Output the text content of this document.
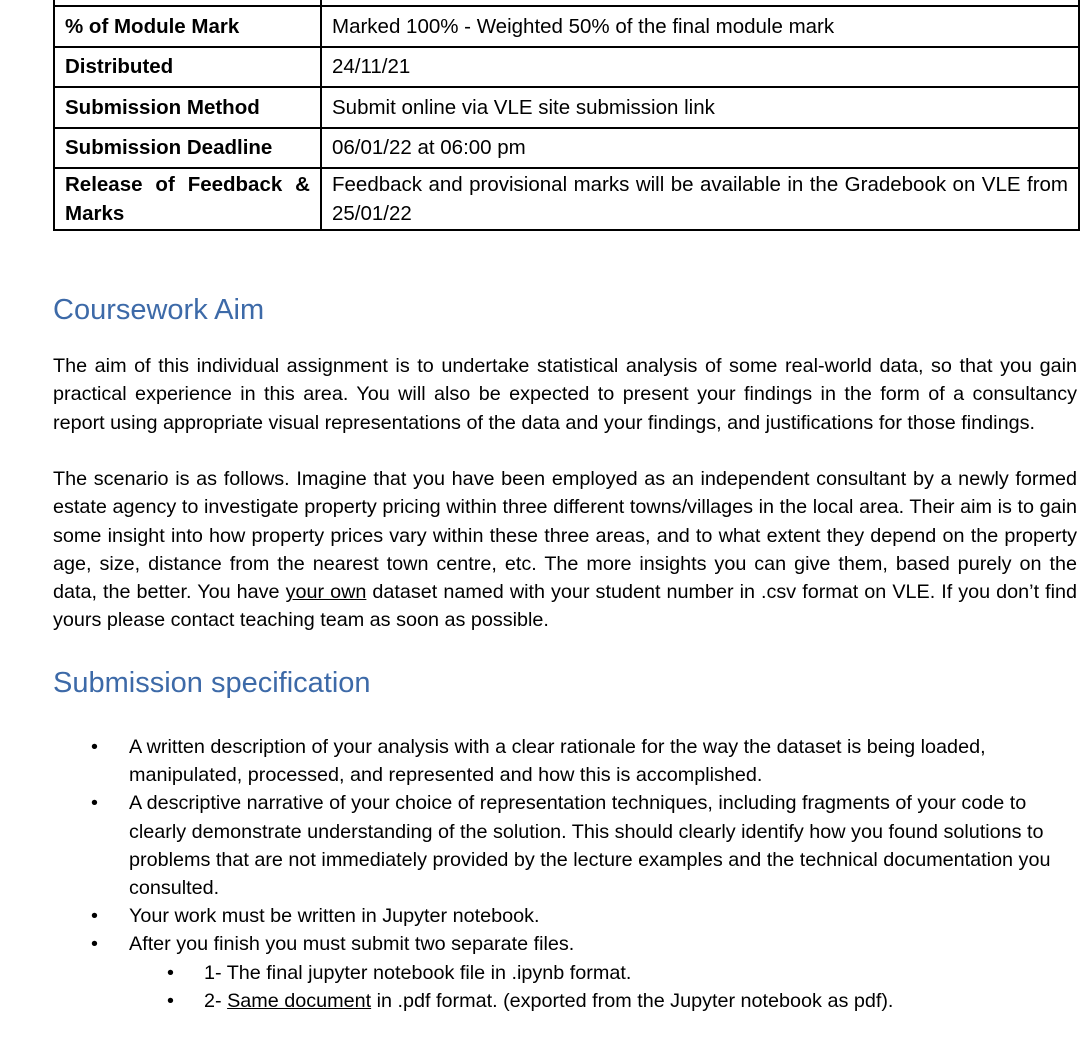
% of Module Mark	Marked 100% - Weighted 50% of the final module mark
Distributed	24/11/21
Submission Method	Submit online via VLE site submission link
Submission Deadline	06/01/22 at 06:00 pm
Release of Feedback & Marks	Feedback and provisional marks will be available in the Gradebook on VLE from 25/01/22
Coursework Aim

The aim of this individual assignment is to undertake statistical analysis of some real-world data, so that you gain practical experience in this area. You will also be expected to present your findings in the form of a consultancy report using appropriate visual representations of the data and your findings, and justifications for those findings.

The scenario is as follows. Imagine that you have been employed as an independent consultant by a newly formed estate agency to investigate property pricing within three different towns/villages in the local area. Their aim is to gain some insight into how property prices vary within these three areas, and to what extent they depend on the property age, size, distance from the nearest town centre, etc. The more insights you can give them, based purely on the data, the better. You have your own dataset named with your student number in .csv format on VLE. If you don’t find yours please contact teaching team as soon as possible.

Submission specification
• A written description of your analysis with a clear rationale for the way the dataset is being loaded, manipulated, processed, and represented and how this is accomplished.
• A descriptive narrative of your choice of representation techniques, including fragments of your code to clearly demonstrate understanding of the solution. This should clearly identify how you found solutions to problems that are not immediately provided by the lecture examples and the technical documentation you consulted.
• Your work must be written in Jupyter notebook.
• After you finish you must submit two separate files.
• 1- The final jupyter notebook file in .ipynb format.
• 2- Same document in .pdf format. (exported from the Jupyter notebook as pdf).
